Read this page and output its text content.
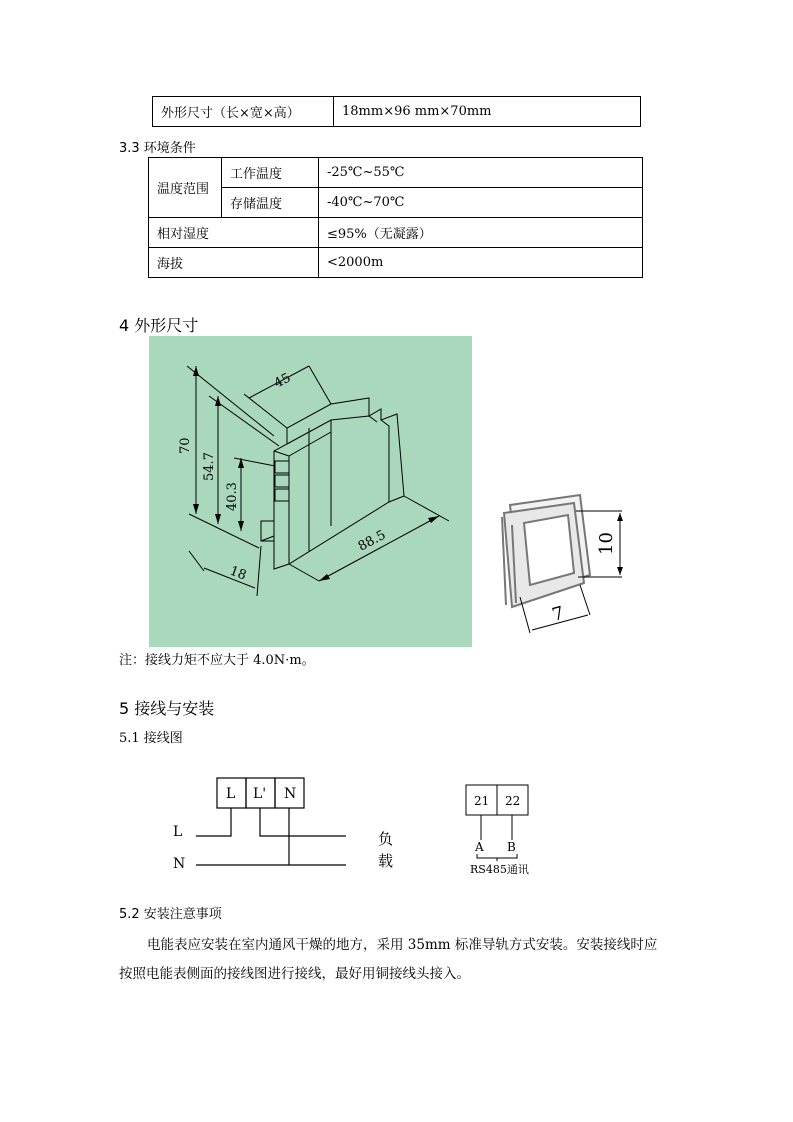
外形尺寸（长×宽×高）	18mm×96 mm×70mm
3.3 环境条件
温度范围	工作温度	-25℃~55℃
	存储温度	-40℃~70℃
相对湿度		≤95%（无凝露）
海拔		<2000m
4 外形尺寸
45
70
54.7
40.3
88.5
18
10
7
注：接线力矩不应大于 4.0N·m。
5 接线与安装
5.1 接线图
L L' N
L
N
负
载
21 22
A B
RS485通讯
5.2 安装注意事项
电能表应安装在室内通风干燥的地方，采用 35mm 标准导轨方式安装。安装接线时应
按照电能表侧面的接线图进行接线，最好用铜接线头接入。
